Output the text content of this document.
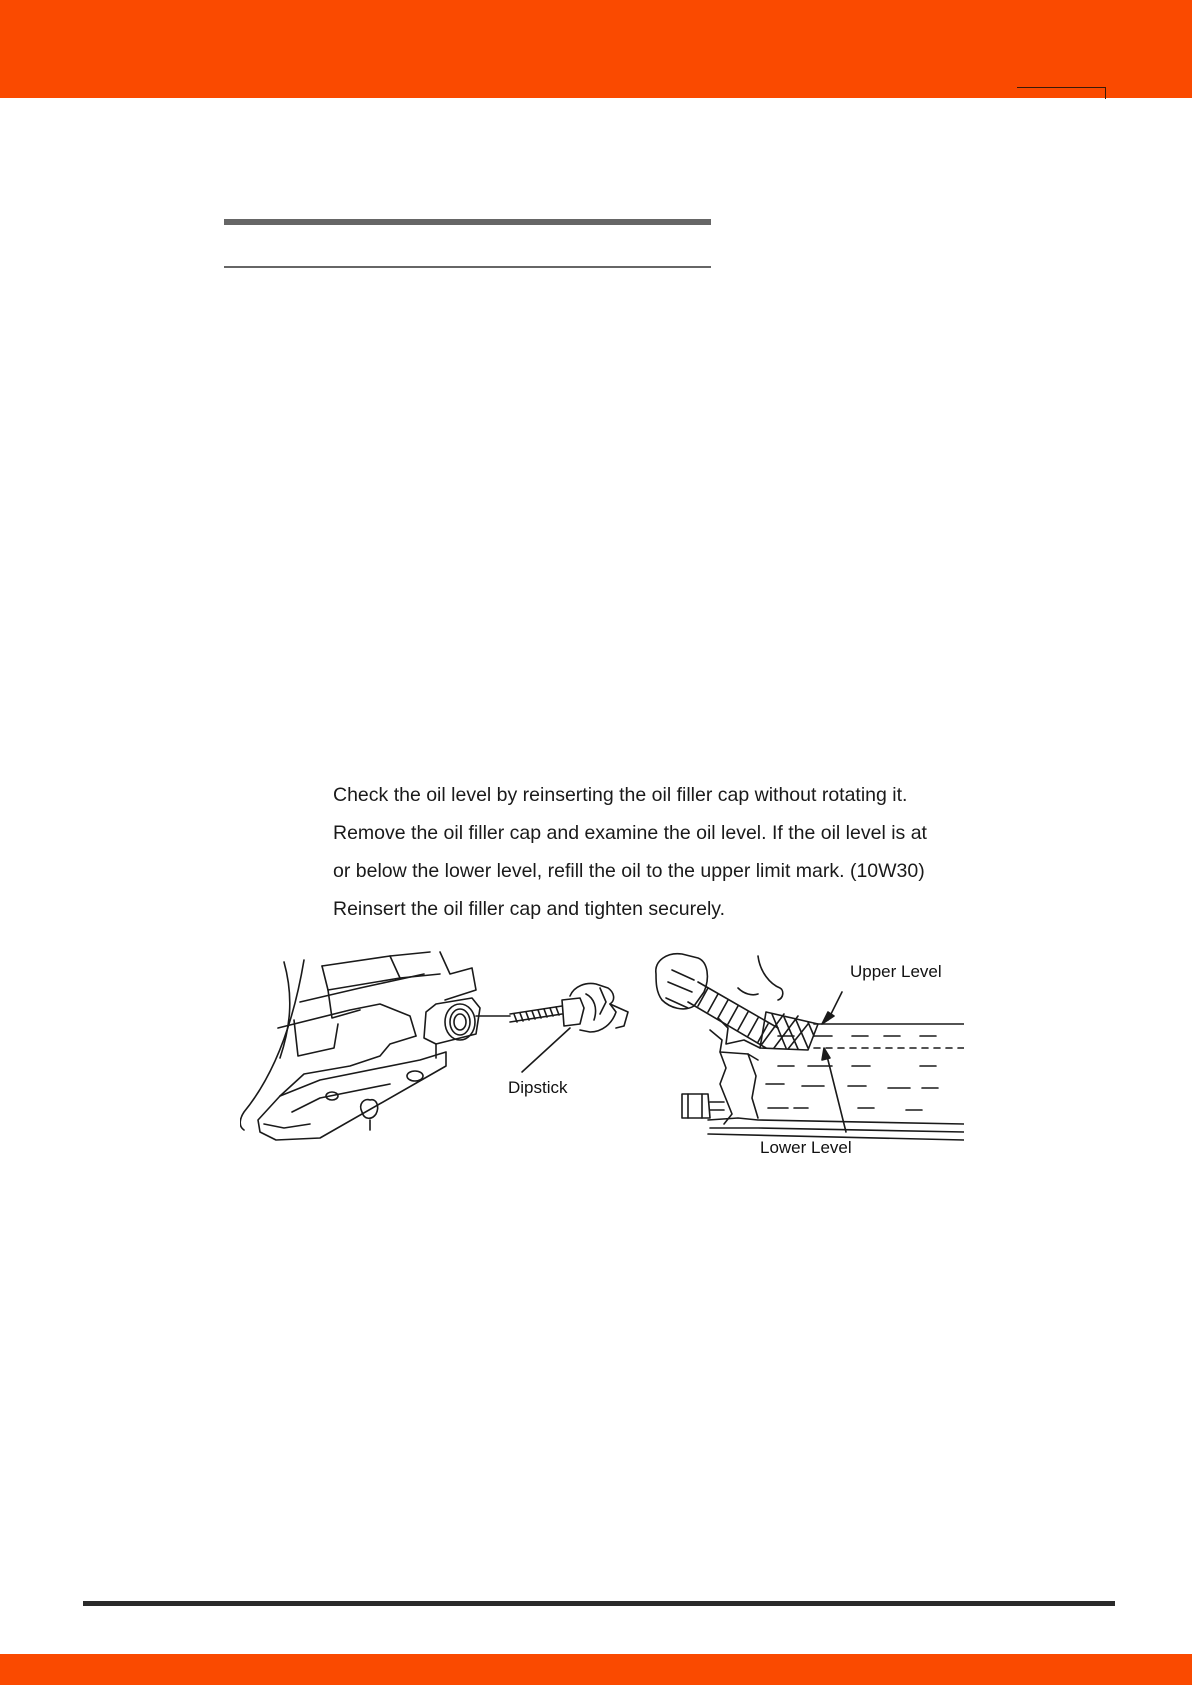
Check the oil level by reinserting the oil filler cap without rotating it.

Remove the oil filler cap and examine the oil level. If the oil level is at

or below the lower level, refill the oil to the upper limit mark. (10W30)

Reinsert the oil filler cap and tighten securely.

Dipstick
Upper Level
Lower Level
